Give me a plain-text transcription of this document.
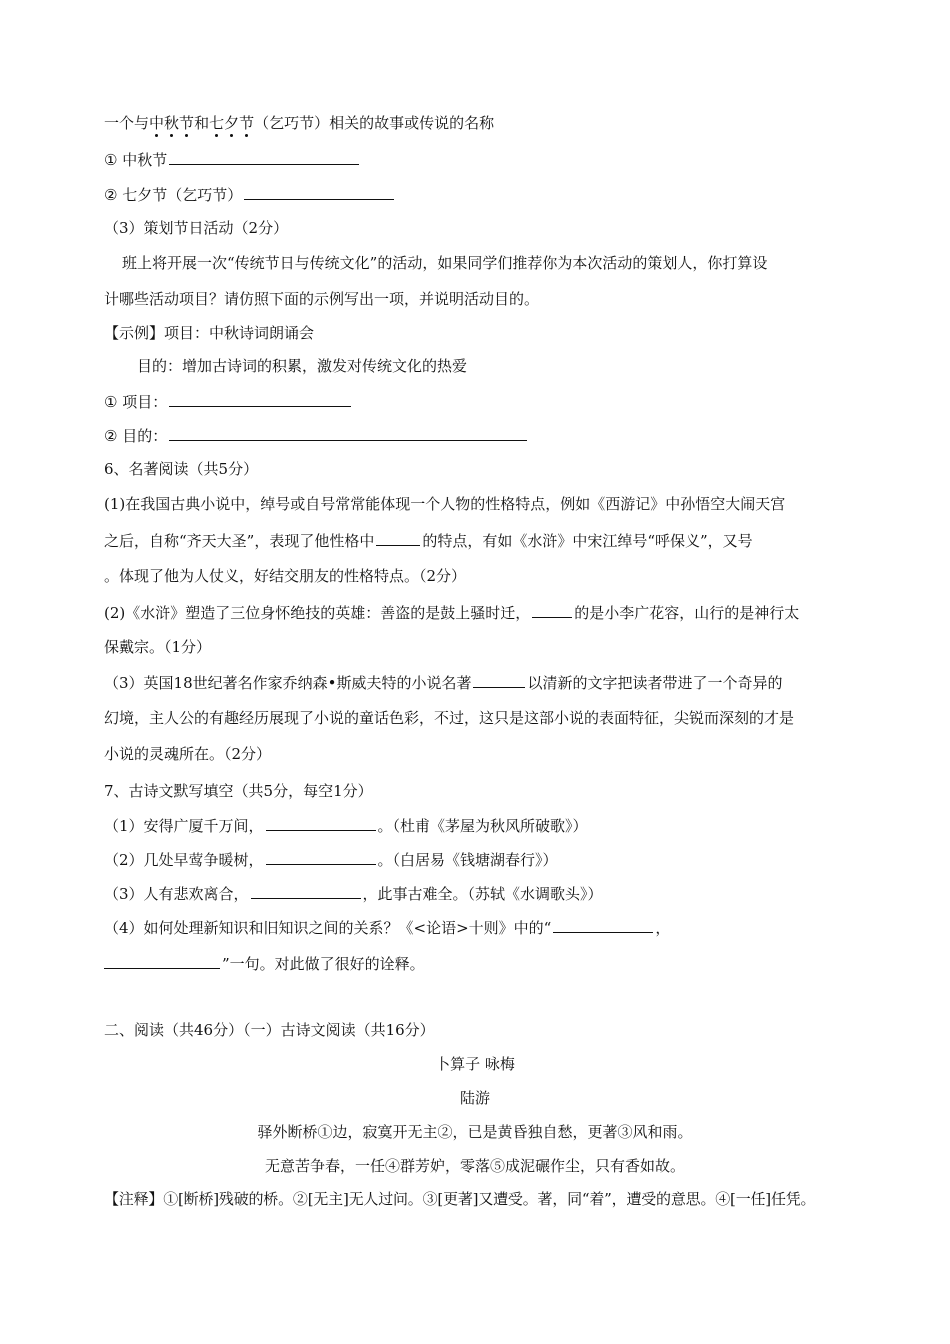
一个与中秋节和七夕节（乞巧节）相关的故事或传说的名称
① 中秋节
② 七夕节（乞巧节）
（3）策划节日活动（2分）
班上将开展一次“传统节日与传统文化”的活动，如果同学们推荐你为本次活动的策划人，你打算设
计哪些活动项目？请仿照下面的示例写出一项，并说明活动目的。
【示例】项目：中秋诗词朗诵会
目的：增加古诗词的积累，激发对传统文化的热爱
① 项目：
② 目的：
6、名著阅读（共5分）
(1)在我国古典小说中，绰号或自号常常能体现一个人物的性格特点，例如《西游记》中孙悟空大闹天宫
之后，自称“齐天大圣”，表现了他性格中	的特点，有如《水浒》中宋江绰号“呼保义”，又号
。体现了他为人仗义，好结交朋友的性格特点。（2分）
(2)《水浒》塑造了三位身怀绝技的英雄：善盗的是鼓上骚时迁，	的是小李广花容，山行的是神行太
保戴宗。（1分）
（3）英国18世纪著名作家乔纳森•斯威夫特的小说名著	以清新的文字把读者带进了一个奇异的
幻境，主人公的有趣经历展现了小说的童话色彩，不过，这只是这部小说的表面特征，尖锐而深刻的才是
小说的灵魂所在。（2分）
7、古诗文默写填空（共5分，每空1分）
（1）安得广厦千万间，	。（杜甫《茅屋为秋风所破歌》）
（2）几处早莺争暖树，	。（白居易《钱塘湖春行》）
（3）人有悲欢离合，	，此事古难全。（苏轼《水调歌头》）
（4）如何处理新知识和旧知识之间的关系？《<论语>十则》中的“	，
”一句。对此做了很好的诠释。
二、阅读（共46分）（一）古诗文阅读（共16分）
卜算子 咏梅
陆游
驿外断桥①边，寂寞开无主②，已是黄昏独自愁，更著③风和雨。
无意苦争春，一任④群芳妒，零落⑤成泥碾作尘，只有香如故。
【注释】①[断桥]残破的桥。②[无主]无人过问。③[更著]又遭受。著，同“着”，遭受的意思。④[一任]任凭。
